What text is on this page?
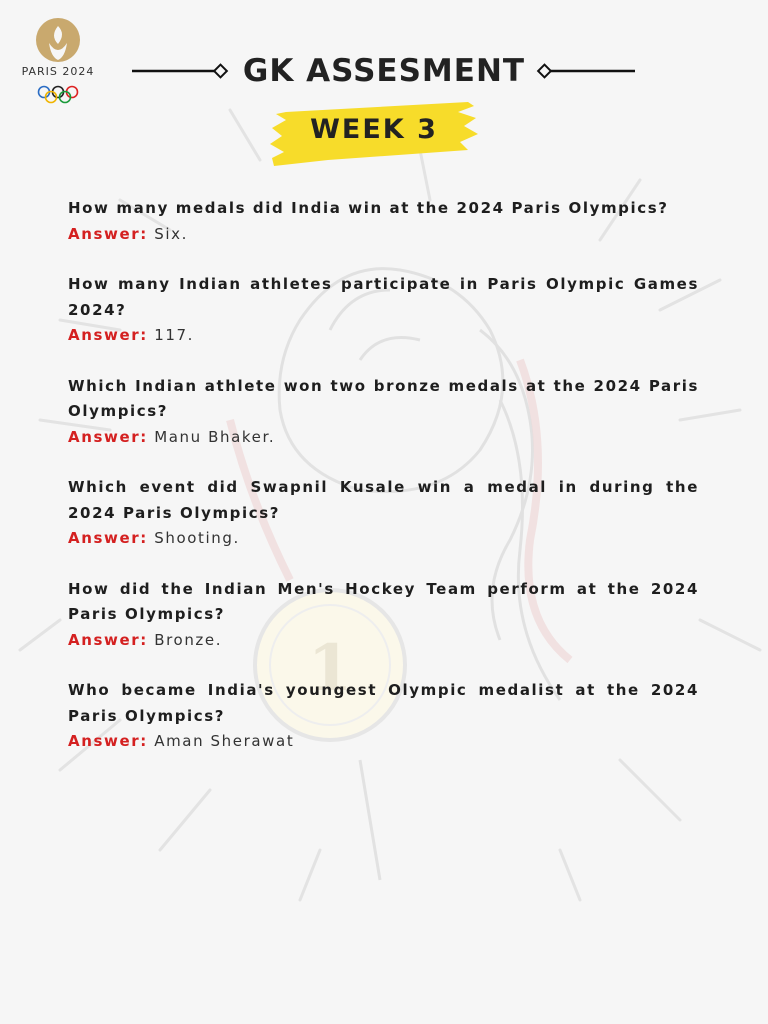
1
PARIS 2024	GK ASSESMENT
WEEK 3
How many medals did India win at the 2024 Paris Olympics?
Answer: Six.
How many Indian athletes participate in Paris Olympic Games 2024?
Answer: 117.
Which Indian athlete won two bronze medals at the 2024 Paris Olympics?
Answer: Manu Bhaker.
Which event did Swapnil Kusale win a medal in during the 2024 Paris Olympics?
Answer: Shooting.
How did the Indian Men's Hockey Team perform at the 2024 Paris Olympics?
Answer: Bronze.
Who became India's youngest Olympic medalist at the 2024 Paris Olympics?
Answer: Aman Sherawat
